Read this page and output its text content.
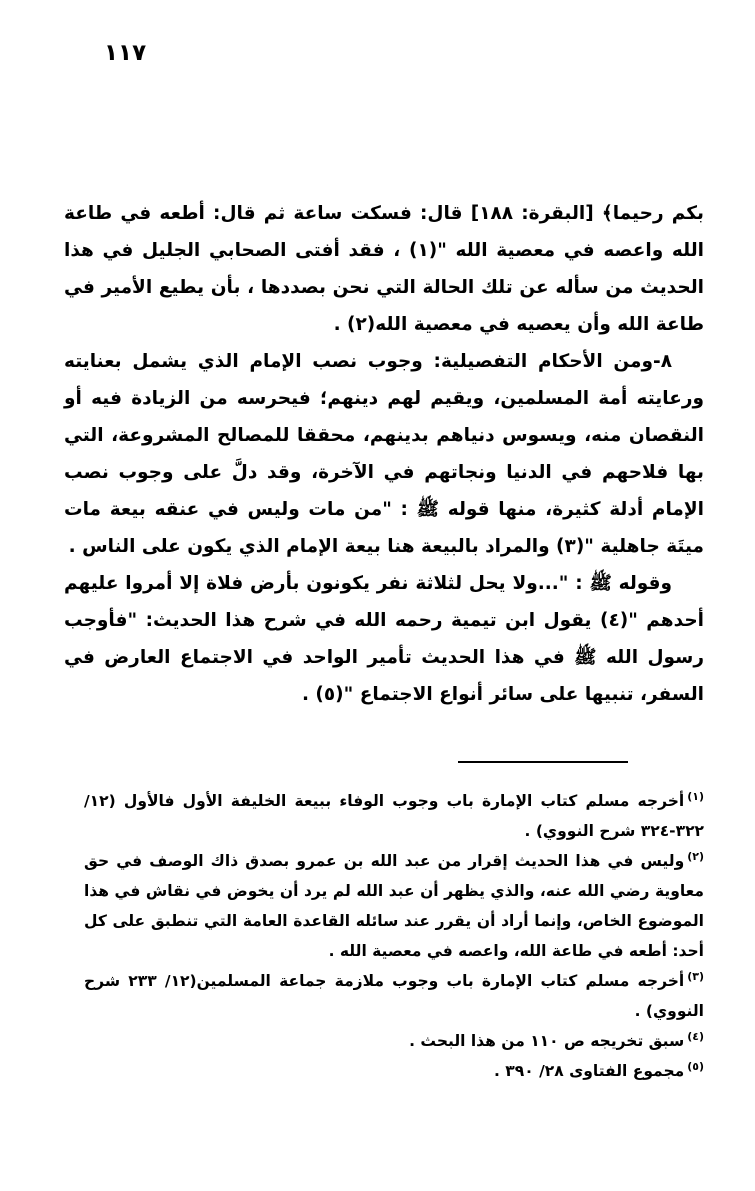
١١٧

بكم رحيما﴾ [البقرة: ١٨٨] قال: فسكت ساعة ثم قال: أطعه في طاعة الله واعصه في معصية الله "(١) ، فقد أفتى الصحابي الجليل في هذا الحديث من سأله عن تلك الحالة التي نحن بصددها ، بأن يطيع الأمير في طاعة الله وأن يعصيه في معصية الله(٢) .

٨-ومن الأحكام التفصيلية: وجوب نصب الإمام الذي يشمل بعنايته ورعايته أمة المسلمين، ويقيم لهم دينهم؛ فيحرسه من الزيادة فيه أو النقصان منه، ويسوس دنياهم بدينهم، محققا للمصالح المشروعة، التي بها فلاحهم في الدنيا ونجاتهم في الآخرة، وقد دلَّ على وجوب نصب الإمام أدلة كثيرة، منها قوله ﷺ : "من مات وليس في عنقه بيعة مات ميتَة جاهلية "(٣) والمراد بالبيعة هنا بيعة الإمام الذي يكون على الناس .

وقوله ﷺ : "...ولا يحل لثلاثة نفر يكونون بأرض فلاة إلا أمروا عليهم أحدهم "(٤) يقول ابن تيمية رحمه الله في شرح هذا الحديث: "فأوجب رسول الله ﷺ في هذا الحديث تأمير الواحد في الاجتماع العارض في السفر، تنبيها على سائر أنواع الاجتماع "(٥) .

$^{(١)}$أخرجه مسلم كتاب الإمارة باب وجوب الوفاء ببيعة الخليفة الأول فالأول (١٢/ ٣٢٢-٣٢٤ شرح النووي) .

$^{(٢)}$وليس في هذا الحديث إقرار من عبد الله بن عمرو بصدق ذاك الوصف في حق معاوية رضي الله عنه، والذي يظهر أن عبد الله لم يرد أن يخوض في نقاش في هذا الموضوع الخاص، وإنما أراد أن يقرر عند سائله القاعدة العامة التي تنطبق على كل أحد: أطعه في طاعة الله، واعصه في معصية الله .

$^{(٣)}$أخرجه مسلم كتاب الإمارة باب وجوب ملازمة جماعة المسلمين(١٢/ ٢٣٣ شرح النووي) .

$^{(٤)}$سبق تخريجه ص ١١٠ من هذا البحث .

$^{(٥)}$مجموع الفتاوى ٢٨/ ٣٩٠ .
